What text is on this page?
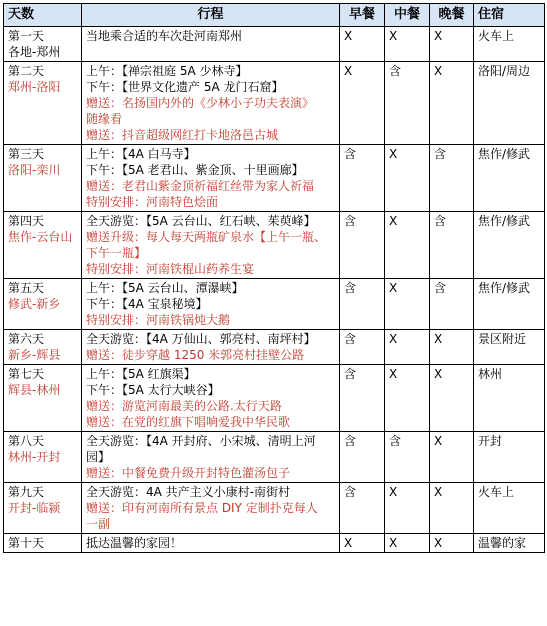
天数	行程	早餐	中餐	晚餐	住宿

第一天
各地-郑州	当地乘合适的车次赴河南郑州	X	X	X	火车上

第二天
郑州-洛阳	上午：【禅宗祖庭 5A 少林寺】
下午：【世界文化遗产 5A 龙门石窟】
赠送：名扬国内外的《少林小子功夫表演》
随缘看
赠送：抖音超级网红打卡地洛邑古城	X	含	X	洛阳/周边

第三天
洛阳-栾川	上午：【4A 白马寺】
下午：【5A 老君山、紫金顶、十里画廊】
赠送：老君山紫金顶祈福红丝带为家人祈福
特别安排：河南特色烩面	含	X	含	焦作/修武

第四天
焦作-云台山	全天游览：【5A 云台山、红石峡、茱萸峰】
赠送升级：每人每天两瓶矿泉水【上午一瓶、
下午一瓶】
特别安排：河南铁棍山药养生宴	含	X	含	焦作/修武

第五天
修武-新乡	上午：【5A 云台山、潭瀑峡】
下午：【4A 宝泉秘境】
特别安排：河南铁锅炖大鹅	含	X	含	焦作/修武

第六天
新乡-辉县	全天游览：【4A 万仙山、郭亮村、南坪村】
赠送：徒步穿越 1250 米郭亮村挂壁公路	含	X	X	景区附近

第七天
辉县-林州	上午：【5A 红旗渠】
下午：【5A 太行大峡谷】
赠送：游览河南最美的公路.太行天路
赠送：在党的红旗下唱响爱我中华民歌	含	X	X	林州

第八天
林州-开封	全天游览：【4A 开封府、小宋城、清明上河
园】
赠送：中餐免费升级开封特色灌汤包子	含	含	X	开封

第九天
开封-临颍	全天游览：4A 共产主义小康村-南街村
赠送：印有河南所有景点 DIY 定制扑克每人
一副	含	X	X	火车上

第十天	抵达温馨的家园！	X	X	X	温馨的家
